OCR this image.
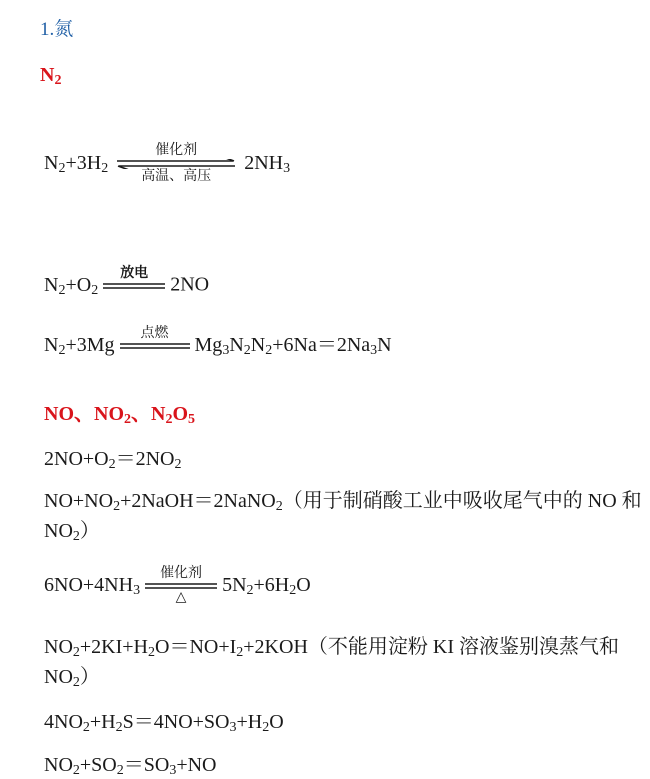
1.氮
$N_2$
$N_2+3H_2$
催化剂
高温、高压
$2NH_3$
$N_2+O_2$
放电

2NO
$N_2+3Mg$
点燃

$Mg_3N_2N_2+6Na=2Na_3N$
NO、$NO_2$、$N_2O_5$
$2NO+O_2=2NO_2$
$NO+NO_2+2NaOH=2NaNO_2$（用于制硝酸工业中吸收尾气中的 NO 和 $NO_2$）
$6NO+4NH_3$
催化剂
△
$5N_2+6H_2O$
$NO_2+2KI+H_2O=NO+I_2+2KOH$（不能用淀粉 KI 溶液鉴别溴蒸气和 $NO_2$）
$4NO_2+H_2S=4NO+SO_3+H_2O$
$NO_2+SO_2=SO_3+NO$
